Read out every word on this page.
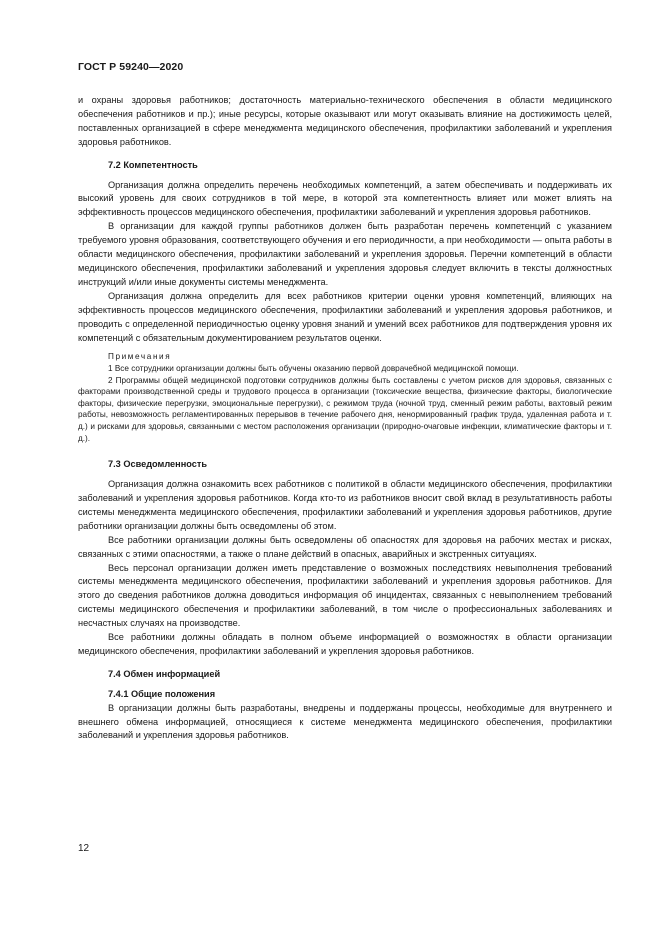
ГОСТ Р 59240—2020

и охраны здоровья работников; достаточность материально-технического обеспечения в области медицинского обеспечения работников и пр.); иные ресурсы, которые оказывают или могут оказывать влияние на достижимость целей, поставленных организацией в сфере менеджмента медицинского обеспечения, профилактики заболеваний и укрепления здоровья работников.

7.2 Компетентность

Организация должна определить перечень необходимых компетенций, а затем обеспечивать и поддерживать их высокий уровень для своих сотрудников в той мере, в которой эта компетентность влияет или может влиять на эффективность процессов медицинского обеспечения, профилактики заболеваний и укрепления здоровья работников.

В организации для каждой группы работников должен быть разработан перечень компетенций с указанием требуемого уровня образования, соответствующего обучения и его периодичности, а при необходимости — опыта работы в области медицинского обеспечения, профилактики заболеваний и укрепления здоровья. Перечни компетенций в области медицинского обеспечения, профилактики заболеваний и укрепления здоровья следует включить в тексты должностных инструкций и/или иные документы системы менеджмента.

Организация должна определить для всех работников критерии оценки уровня компетенций, влияющих на эффективность процессов медицинского обеспечения, профилактики заболеваний и укрепления здоровья работников, и проводить с определенной периодичностью оценку уровня знаний и умений всех работников для подтверждения уровня их компетенций с обязательным документированием результатов оценки.

Примечания

1 Все сотрудники организации должны быть обучены оказанию первой доврачебной медицинской помощи.

2 Программы общей медицинской подготовки сотрудников должны быть составлены с учетом рисков для здоровья, связанных с факторами производственной среды и трудового процесса в организации (токсические вещества, физические факторы, биологические факторы, физические перегрузки, эмоциональные перегрузки), с режимом труда (ночной труд, сменный режим работы, вахтовый режим работы, невозможность регламентированных перерывов в течение рабочего дня, ненормированный график труда, удаленная работа и т. д.) и рисками для здоровья, связанными с местом расположения организации (природно-очаговые инфекции, климатические факторы и т. д.).

7.3 Осведомленность

Организация должна ознакомить всех работников с политикой в области медицинского обеспечения, профилактики заболеваний и укрепления здоровья работников. Когда кто-то из работников вносит свой вклад в результативность работы системы менеджмента медицинского обеспечения, профилактики заболеваний и укрепления здоровья работников, другие работники организации должны быть осведомлены об этом.

Все работники организации должны быть осведомлены об опасностях для здоровья на рабочих местах и рисках, связанных с этими опасностями, а также о плане действий в опасных, аварийных и экстренных ситуациях.

Весь персонал организации должен иметь представление о возможных последствиях невыполнения требований системы менеджмента медицинского обеспечения, профилактики заболеваний и укрепления здоровья работников. Для этого до сведения работников должна доводиться информация об инцидентах, связанных с невыполнением требований системы медицинского обеспечения и профилактики заболеваний, в том числе о профессиональных заболеваниях и несчастных случаях на производстве.

Все работники должны обладать в полном объеме информацией о возможностях в области организации медицинского обеспечения, профилактики заболеваний и укрепления здоровья работников.

7.4 Обмен информацией
7.4.1 Общие положения

В организации должны быть разработаны, внедрены и поддержаны процессы, необходимые для внутреннего и внешнего обмена информацией, относящиеся к системе менеджмента медицинского обеспечения, профилактики заболеваний и укрепления здоровья работников.

12
